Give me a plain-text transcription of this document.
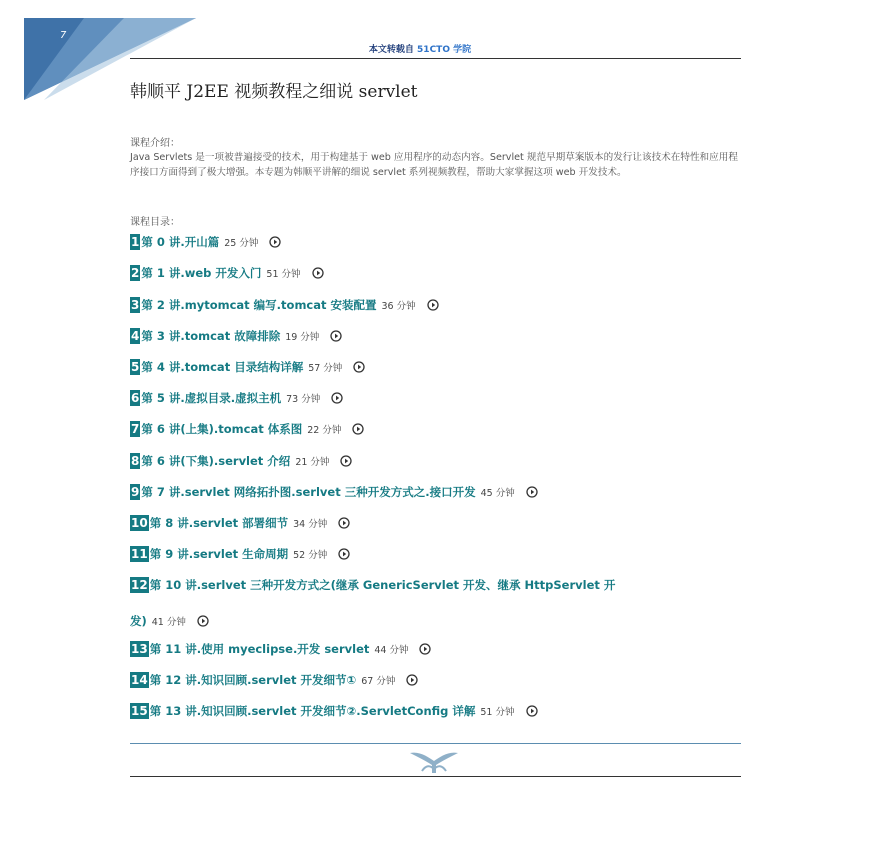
7
本文转载自 51CTO 学院
韩顺平 J2EE 视频教程之细说 servlet
课程介绍：
Java Servlets 是一项被普遍接受的技术，用于构建基于 web 应用程序的动态内容。Servlet 规范早期草案版本的发行让该技术在特性和应用程序接口方面得到了极大增强。本专题为韩顺平讲解的细说 servlet 系列视频教程，帮助大家掌握这项 web 开发技术。
课程目录：
1 第 0 讲.开山篇 25 分钟
2 第 1 讲.web 开发入门 51 分钟
3 第 2 讲.mytomcat 编写.tomcat 安装配置 36 分钟
4 第 3 讲.tomcat 故障排除 19 分钟
5 第 4 讲.tomcat 目录结构详解 57 分钟
6 第 5 讲.虚拟目录.虚拟主机 73 分钟
7 第 6 讲(上集).tomcat 体系图 22 分钟
8 第 6 讲(下集).servlet 介绍 21 分钟
9 第 7 讲.servlet 网络拓扑图.serlvet 三种开发方式之.接口开发 45 分钟
10 第 8 讲.servlet 部署细节 34 分钟
11 第 9 讲.servlet 生命周期 52 分钟
12 第 10 讲.serlvet 三种开发方式之(继承 GenericServlet 开发、继承 HttpServlet 开
发) 41 分钟
13 第 11 讲.使用 myeclipse.开发 servlet 44 分钟
14 第 12 讲.知识回顾.servlet 开发细节① 67 分钟
15 第 13 讲.知识回顾.servlet 开发细节②.ServletConfig 详解 51 分钟
